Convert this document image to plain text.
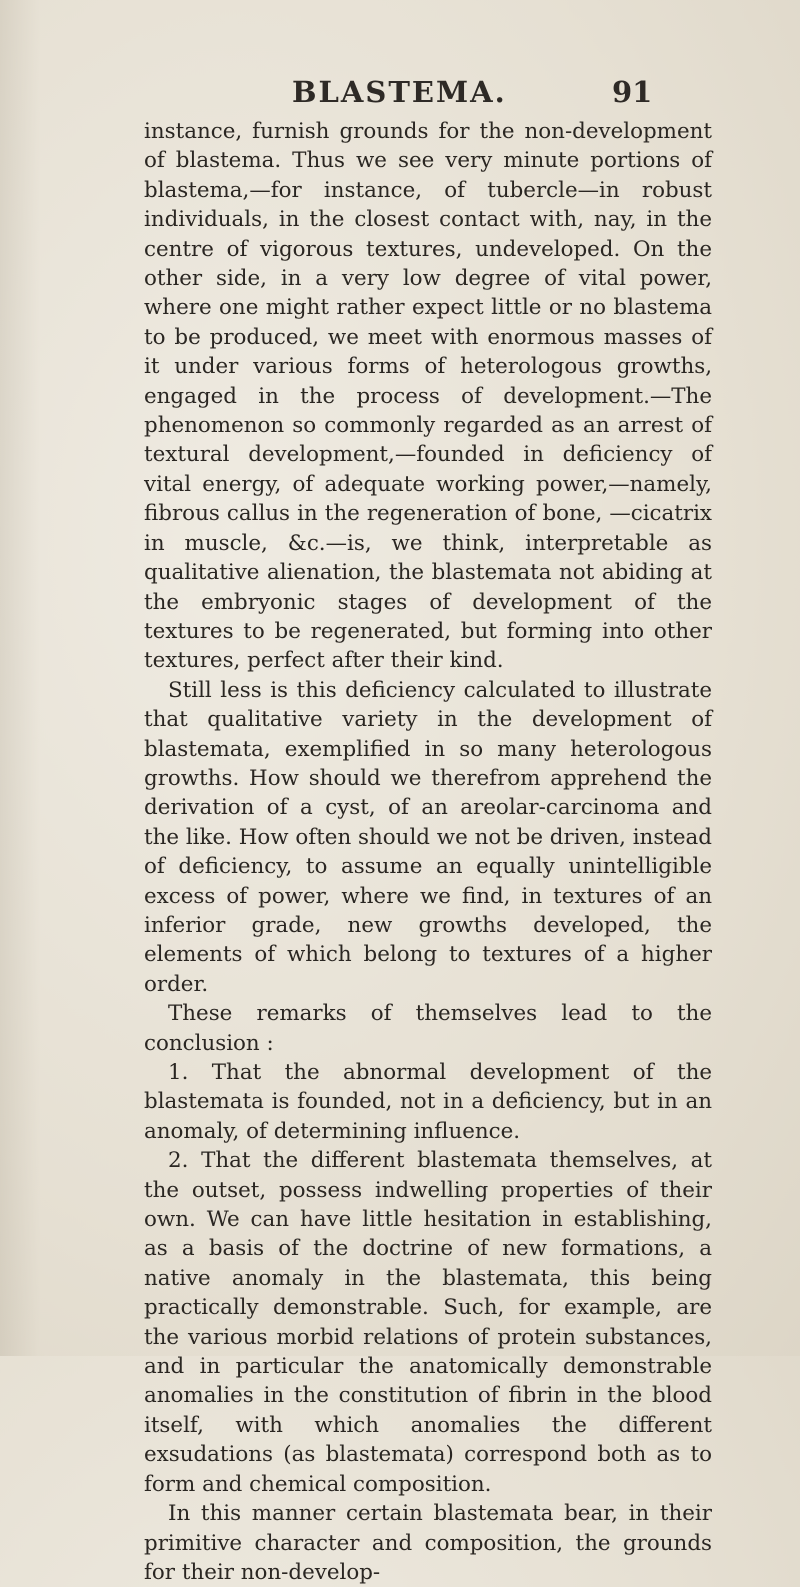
BLASTEMA.	91

instance, furnish grounds for the non-development of blastema. Thus we see very minute portions of blastema,—for instance, of tubercle—in robust individuals, in the closest contact with, nay, in the centre of vigorous textures, undeveloped. On the other side, in a very low degree of vital power, where one might rather expect little or no blastema to be produced, we meet with enormous masses of it under various forms of heterologous growths, engaged in the process of development.—The phenomenon so commonly regarded as an arrest of textural development,—founded in deficiency of vital energy, of adequate working power,—namely, fibrous callus in the regeneration of bone, —cicatrix in muscle, &c.—is, we think, interpretable as qualitative alienation, the blastemata not abiding at the embryonic stages of development of the textures to be regenerated, but forming into other textures, perfect after their kind.

Still less is this deficiency calculated to illustrate that qualitative variety in the development of blastemata, exemplified in so many heterologous growths. How should we therefrom apprehend the derivation of a cyst, of an areolar-carcinoma and the like. How often should we not be driven, instead of deficiency, to assume an equally unintelligible excess of power, where we find, in textures of an inferior grade, new growths developed, the elements of which belong to textures of a higher order.

These remarks of themselves lead to the conclusion :

1. That the abnormal development of the blastemata is founded, not in a deficiency, but in an anomaly, of determining influence.

2. That the different blastemata themselves, at the outset, possess indwelling properties of their own. We can have little hesitation in establishing, as a basis of the doctrine of new formations, a native anomaly in the blastemata, this being practically demonstrable. Such, for example, are the various morbid relations of protein substances, and in particular the anatomically demonstrable anomalies in the constitution of fibrin in the blood itself, with which anomalies the different exsudations (as blastemata) correspond both as to form and chemical composition.

In this manner certain blastemata bear, in their primitive character and composition, the grounds for their non-develop-
